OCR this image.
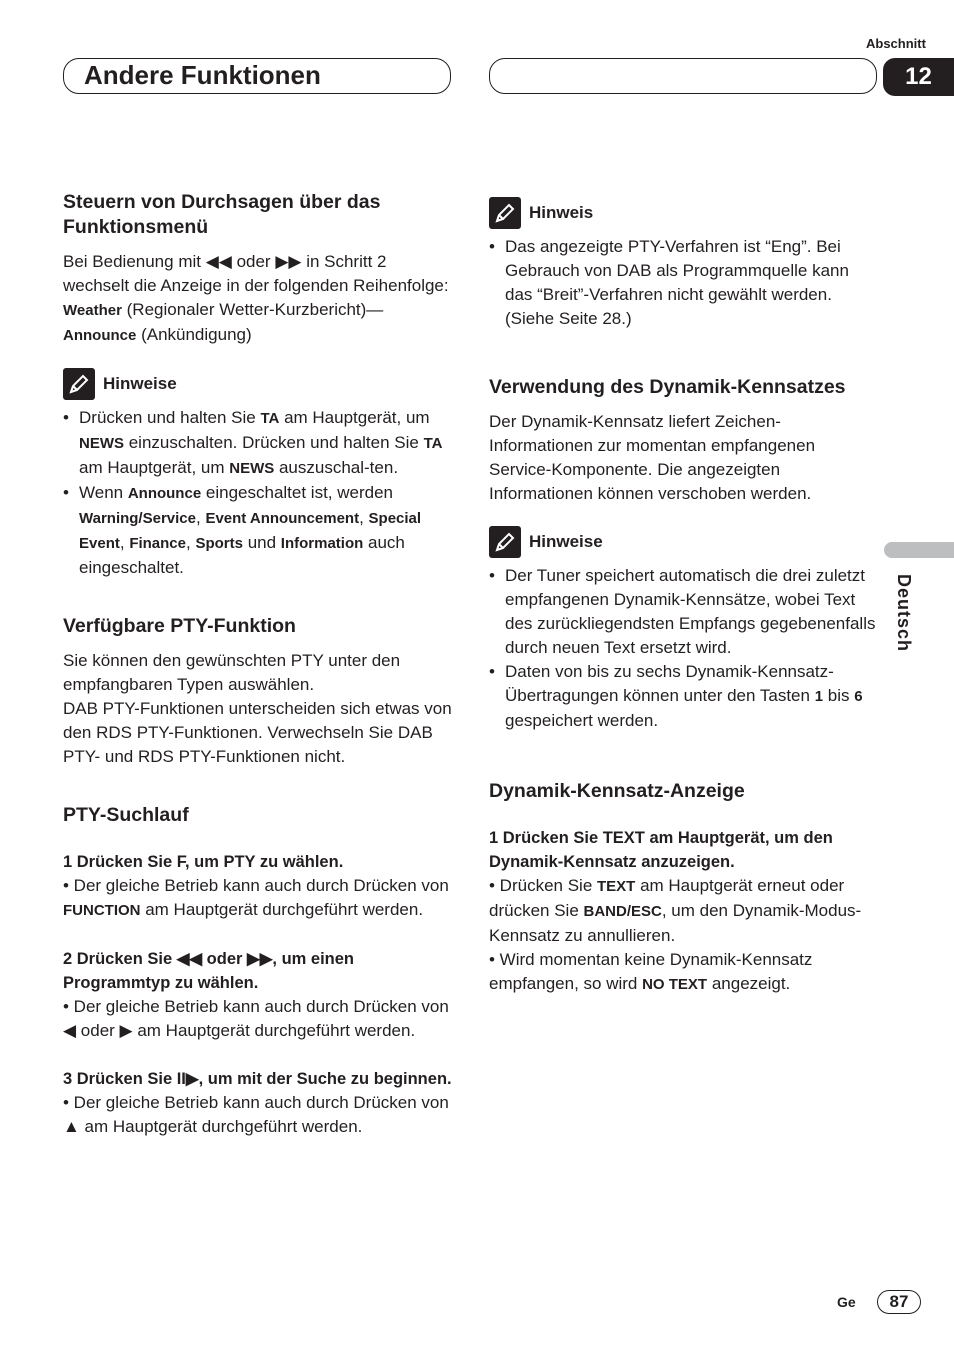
Abschnitt
Andere Funktionen	12
Steuern von Durchsagen über das Funktionsmenü

Bei Bedienung mit ◀◀ oder ▶▶ in Schritt 2 wechselt die Anzeige in der folgenden Reihenfolge:

Weather (Regionaler Wetter-Kurzbericht)—
Announce (Ankündigung)

Hinweise
• Drücken und halten Sie TA am Hauptgerät, um NEWS einzuschalten. Drücken und halten Sie TA am Hauptgerät, um NEWS auszuschal-ten.
• Wenn Announce eingeschaltet ist, werden Warning/Service, Event Announcement, Special Event, Finance, Sports und Information auch eingeschaltet.
Verfügbare PTY-Funktion

Sie können den gewünschten PTY unter den empfangbaren Typen auswählen.

DAB PTY-Funktionen unterscheiden sich etwas von den RDS PTY-Funktionen. Verwechseln Sie DAB PTY- und RDS PTY-Funktionen nicht.

PTY-Suchlauf

1 Drücken Sie F, um PTY zu wählen.

• Der gleiche Betrieb kann auch durch Drücken von FUNCTION am Hauptgerät durchgeführt werden.

2 Drücken Sie ◀◀ oder ▶▶, um einen Programmtyp zu wählen.

• Der gleiche Betrieb kann auch durch Drücken von ◀ oder ▶ am Hauptgerät durchgeführt werden.

3 Drücken Sie II▶, um mit der Suche zu beginnen.

• Der gleiche Betrieb kann auch durch Drücken von ▲ am Hauptgerät durchgeführt werden.

Hinweis
• Das angezeigte PTY-Verfahren ist “Eng”. Bei Gebrauch von DAB als Programmquelle kann das “Breit”-Verfahren nicht gewählt werden. (Siehe Seite 28.)
Verwendung des Dynamik-Kennsatzes

Der Dynamik-Kennsatz liefert Zeichen-Informationen zur momentan empfangenen Service-Komponente. Die angezeigten Informationen können verschoben werden.

Hinweise
• Der Tuner speichert automatisch die drei zuletzt empfangenen Dynamik-Kennsätze, wobei Text des zurückliegendsten Empfangs gegebenenfalls durch neuen Text ersetzt wird.
• Daten von bis zu sechs Dynamik-Kennsatz-Übertragungen können unter den Tasten 1 bis 6 gespeichert werden.
Dynamik-Kennsatz-Anzeige

1 Drücken Sie TEXT am Hauptgerät, um den Dynamik-Kennsatz anzuzeigen.

• Drücken Sie TEXT am Hauptgerät erneut oder drücken Sie BAND/ESC, um den Dynamik-Modus-Kennsatz zu annullieren.

• Wird momentan keine Dynamik-Kennsatz empfangen, so wird NO TEXT angezeigt.

Deutsch
Ge	87
